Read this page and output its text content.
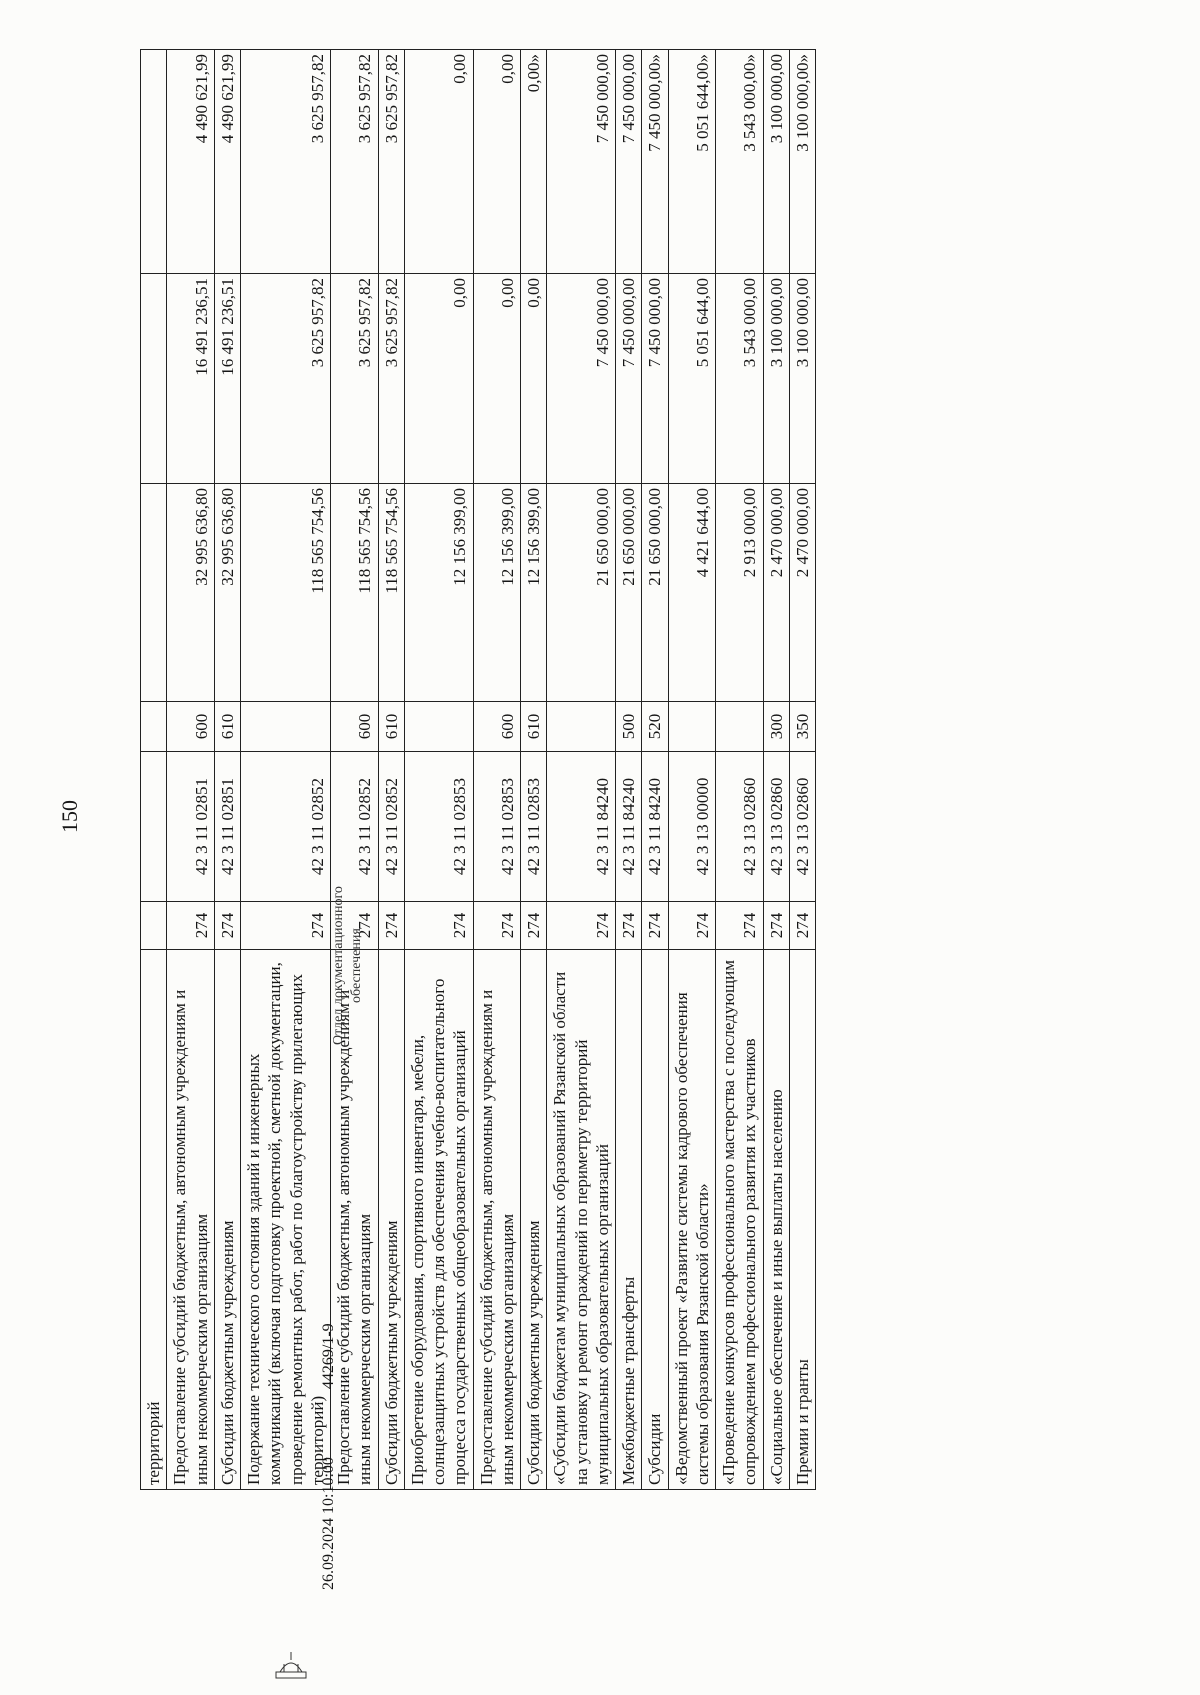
150
территорий						
Предоставление субсидий бюджетным, автономным учреждениям и иным некоммерческим организациям	274	42 3 11 02851	600	32 995 636,80	16 491 236,51	4 490 621,99
Субсидии бюджетным учреждениям	274	42 3 11 02851	610	32 995 636,80	16 491 236,51	4 490 621,99
Подержание технического состояния зданий и инженерных коммуникаций (включая подготовку проектной, сметной документации, проведение ремонтных работ, работ по благоустройству прилегающих территорий)	274	42 3 11 02852		118 565 754,56	3 625 957,82	3 625 957,82
Предоставление субсидий бюджетным, автономным учреждениям и иным некоммерческим организациям	274	42 3 11 02852	600	118 565 754,56	3 625 957,82	3 625 957,82
Субсидии бюджетным учреждениям	274	42 3 11 02852	610	118 565 754,56	3 625 957,82	3 625 957,82
Приобретение оборудования, спортивного инвентаря, мебели, солнцезащитных устройств для обеспечения учебно-воспитательного процесса государственных общеобразовательных организаций	274	42 3 11 02853		12 156 399,00	0,00	0,00
Предоставление субсидий бюджетным, автономным учреждениям и иным некоммерческим организациям	274	42 3 11 02853	600	12 156 399,00	0,00	0,00
Субсидии бюджетным учреждениям	274	42 3 11 02853	610	12 156 399,00	0,00	0,00»
«Субсидии бюджетам муниципальных образований Рязанской области на установку и ремонт ограждений по периметру территорий муниципальных образовательных организаций	274	42 3 11 84240		21 650 000,00	7 450 000,00	7 450 000,00
Межбюджетные трансферты	274	42 3 11 84240	500	21 650 000,00	7 450 000,00	7 450 000,00
Субсидии	274	42 3 11 84240	520	21 650 000,00	7 450 000,00	7 450 000,00»
«Ведомственный проект «Развитие системы кадрового обеспечения системы образования Рязанской области»	274	42 3 13 00000		4 421 644,00	5 051 644,00	5 051 644,00»
«Проведение конкурсов профессионального мастерства с последующим сопровождением профессионального развития их участников	274	42 3 13 02860		2 913 000,00	3 543 000,00	3 543 000,00»
«Социальное обеспечение и иные выплаты населению	274	42 3 13 02860	300	2 470 000,00	3 100 000,00	3 100 000,00
Премии и гранты	274	42 3 13 02860	350	2 470 000,00	3 100 000,00	3 100 000,00»
26.09.2024 10:10:00  44269/1-9
Отдел документационного обеспечения
